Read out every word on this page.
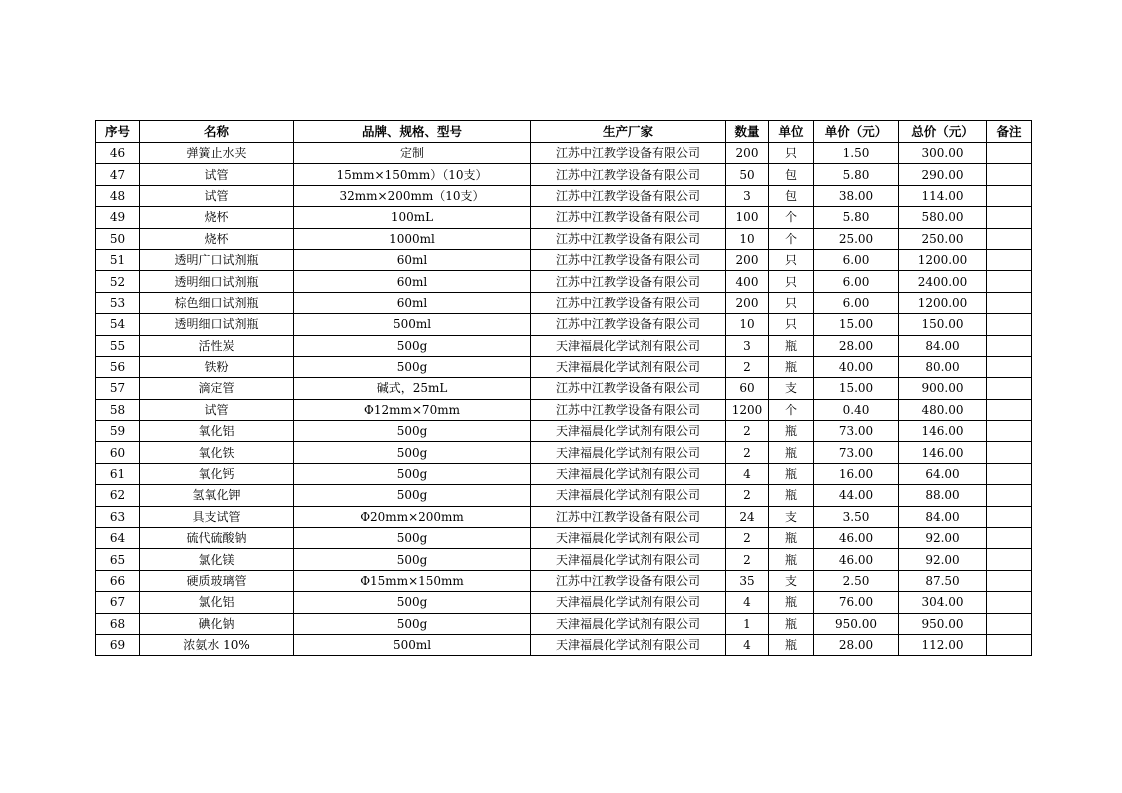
序号	名称	品牌、规格、型号	生产厂家	数量	单位	单价（元）	总价（元）	备注
46	弹簧止水夹	定制	江苏中江教学设备有限公司	200	只	1.50	300.00	
47	试管	15mm×150mm）（10支）	江苏中江教学设备有限公司	50	包	5.80	290.00	
48	试管	32mm×200mm（10支）	江苏中江教学设备有限公司	3	包	38.00	114.00	
49	烧杯	100mL	江苏中江教学设备有限公司	100	个	5.80	580.00	
50	烧杯	1000ml	江苏中江教学设备有限公司	10	个	25.00	250.00	
51	透明广口试剂瓶	60ml	江苏中江教学设备有限公司	200	只	6.00	1200.00	
52	透明细口试剂瓶	60ml	江苏中江教学设备有限公司	400	只	6.00	2400.00	
53	棕色细口试剂瓶	60ml	江苏中江教学设备有限公司	200	只	6.00	1200.00	
54	透明细口试剂瓶	500ml	江苏中江教学设备有限公司	10	只	15.00	150.00	
55	活性炭	500g	天津福晨化学试剂有限公司	3	瓶	28.00	84.00	
56	铁粉	500g	天津福晨化学试剂有限公司	2	瓶	40.00	80.00	
57	滴定管	碱式，25mL	江苏中江教学设备有限公司	60	支	15.00	900.00	
58	试管	Φ12mm×70mm	江苏中江教学设备有限公司	1200	个	0.40	480.00	
59	氧化铝	500g	天津福晨化学试剂有限公司	2	瓶	73.00	146.00	
60	氧化铁	500g	天津福晨化学试剂有限公司	2	瓶	73.00	146.00	
61	氧化钙	500g	天津福晨化学试剂有限公司	4	瓶	16.00	64.00	
62	氢氧化钾	500g	天津福晨化学试剂有限公司	2	瓶	44.00	88.00	
63	具支试管	Φ20mm×200mm	江苏中江教学设备有限公司	24	支	3.50	84.00	
64	硫代硫酸钠	500g	天津福晨化学试剂有限公司	2	瓶	46.00	92.00	
65	氯化镁	500g	天津福晨化学试剂有限公司	2	瓶	46.00	92.00	
66	硬质玻璃管	Φ15mm×150mm	江苏中江教学设备有限公司	35	支	2.50	87.50	
67	氯化铝	500g	天津福晨化学试剂有限公司	4	瓶	76.00	304.00	
68	碘化钠	500g	天津福晨化学试剂有限公司	1	瓶	950.00	950.00	
69	浓氨水 10%	500ml	天津福晨化学试剂有限公司	4	瓶	28.00	112.00	
